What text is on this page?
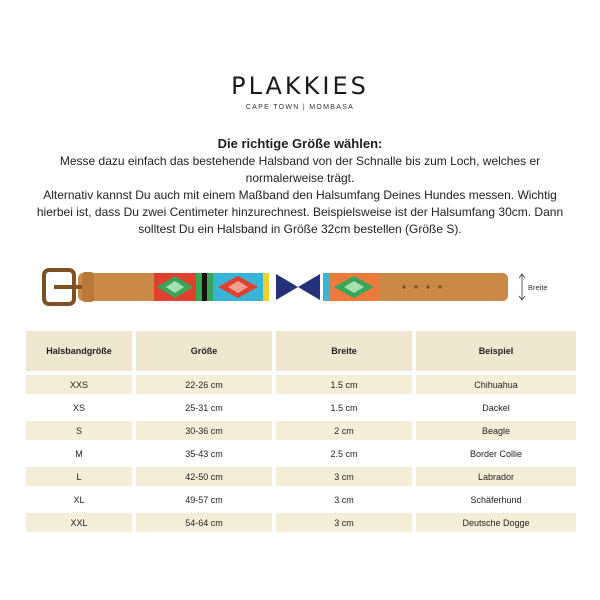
PLAKKIES
CAPE TOWN | MOMBASA
Die richtige Größe wählen:
Messe dazu einfach das bestehende Halsband von der Schnalle bis zum Loch, welches er normalerweise trägt.
Alternativ kannst Du auch mit einem Maßband den Halsumfang Deines Hundes messen. Wichtig hierbei ist, dass Du zwei Centimeter hinzurechnest. Beispielsweise ist der Halsumfang 30cm. Dann solltest Du ein Halsband in Größe 32cm bestellen (Größe S).
Breite
Halsbandgröße	Größe	Breite	Beispiel
XXS	22-26 cm	1.5 cm	Chihuahua
XS	25-31 cm	1.5 cm	Dackel
S	30-36 cm	2 cm	Beagle
M	35-43 cm	2.5 cm	Border Collie
L	42-50 cm	3 cm	Labrador
XL	49-57 cm	3 cm	Schäferhund
XXL	54-64 cm	3 cm	Deutsche Dogge
